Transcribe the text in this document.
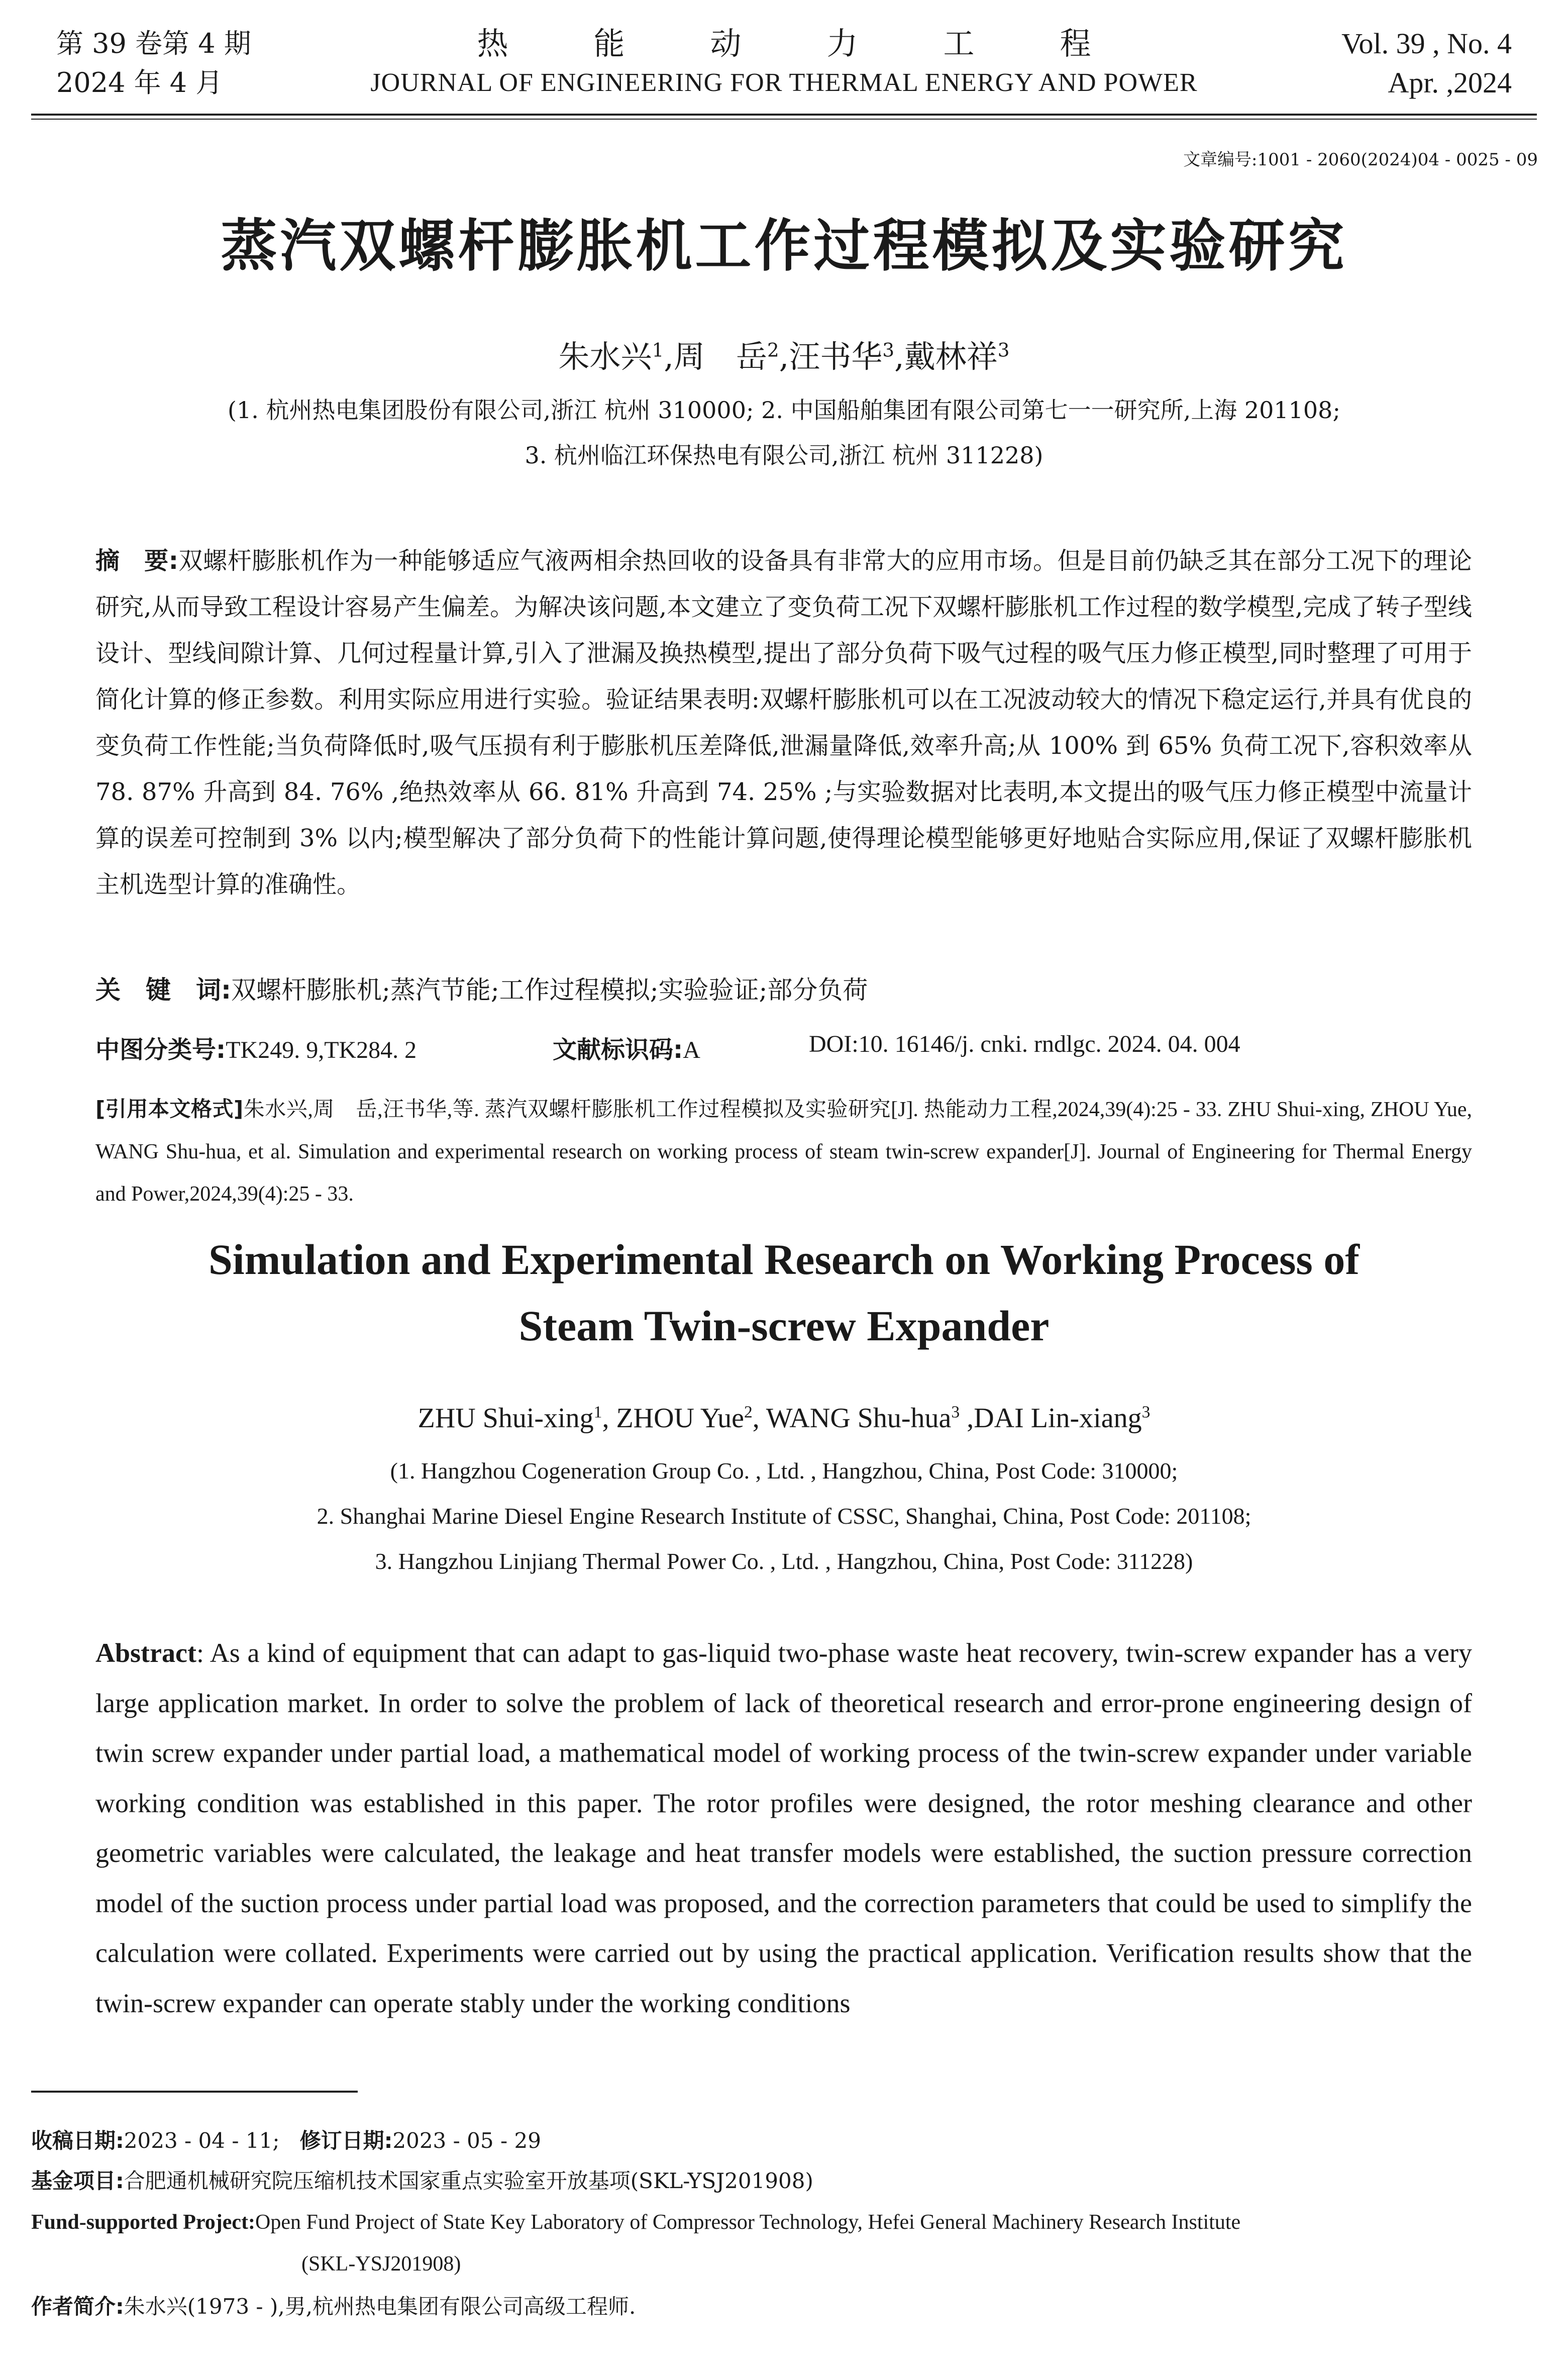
第 39 卷第 4 期
2024 年 4 月
热能动力工程
JOURNAL OF ENGINEERING FOR THERMAL ENERGY AND POWER
Vol. 39 , No. 4
Apr. ,2024
文章编号:1001 - 2060(2024)04 - 0025 - 09
蒸汽双螺杆膨胀机工作过程模拟及实验研究
朱水兴$^1$,周　岳$^2$,汪书华$^3$,戴林祥$^3$
(1. 杭州热电集团股份有限公司,浙江 杭州 310000; 2. 中国船舶集团有限公司第七一一研究所,上海 201108;
3. 杭州临江环保热电有限公司,浙江 杭州 311228)
摘　要:双螺杆膨胀机作为一种能够适应气液两相余热回收的设备具有非常大的应用市场。但是目前仍缺乏其在部分工况下的理论研究,从而导致工程设计容易产生偏差。为解决该问题,本文建立了变负荷工况下双螺杆膨胀机工作过程的数学模型,完成了转子型线设计、型线间隙计算、几何过程量计算,引入了泄漏及换热模型,提出了部分负荷下吸气过程的吸气压力修正模型,同时整理了可用于简化计算的修正参数。利用实际应用进行实验。验证结果表明:双螺杆膨胀机可以在工况波动较大的情况下稳定运行,并具有优良的变负荷工作性能;当负荷降低时,吸气压损有利于膨胀机压差降低,泄漏量降低,效率升高;从 100% 到 65% 负荷工况下,容积效率从 78. 87% 升高到 84. 76% ,绝热效率从 66. 81% 升高到 74. 25% ;与实验数据对比表明,本文提出的吸气压力修正模型中流量计算的误差可控制到 3% 以内;模型解决了部分负荷下的性能计算问题,使得理论模型能够更好地贴合实际应用,保证了双螺杆膨胀机主机选型计算的准确性。
关　键　词:双螺杆膨胀机;蒸汽节能;工作过程模拟;实验验证;部分负荷
中图分类号:TK249. 9,TK284. 2	文献标识码:A	DOI:10. 16146/j. cnki. rndlgc. 2024. 04. 004
[引用本文格式]朱水兴,周　岳,汪书华,等. 蒸汽双螺杆膨胀机工作过程模拟及实验研究[J]. 热能动力工程,2024,39(4):25 - 33. ZHU Shui-xing, ZHOU Yue, WANG Shu-hua, et al. Simulation and experimental research on working process of steam twin-screw expander[J]. Journal of Engineering for Thermal Energy and Power,2024,39(4):25 - 33.
Simulation and Experimental Research on Working Process of
Steam Twin-screw Expander
ZHU Shui-xing$^1$, ZHOU Yue$^2$, WANG Shu-hua$^3$ ,DAI Lin-xiang$^3$
(1. Hangzhou Cogeneration Group Co. , Ltd. , Hangzhou, China, Post Code: 310000;
2. Shanghai Marine Diesel Engine Research Institute of CSSC, Shanghai, China, Post Code: 201108;
3. Hangzhou Linjiang Thermal Power Co. , Ltd. , Hangzhou, China, Post Code: 311228)
Abstract: As a kind of equipment that can adapt to gas-liquid two-phase waste heat recovery, twin-screw expander has a very large application market. In order to solve the problem of lack of theoretical research and error-prone engineering design of twin screw expander under partial load, a mathematical model of working process of the twin-screw expander under variable working condition was established in this paper. The rotor profiles were designed, the rotor meshing clearance and other geometric variables were calculated, the leakage and heat transfer models were established, the suction pressure correction model of the suction process under partial load was proposed, and the correction parameters that could be used to simplify the calculation were collated. Experiments were carried out by using the practical application. Verification results show that the twin-screw expander can operate stably under the working conditions
收稿日期:2023 - 04 - 11; 修订日期:2023 - 05 - 29
基金项目:合肥通机械研究院压缩机技术国家重点实验室开放基项(SKL-YSJ201908)
Fund-supported Project:Open Fund Project of State Key Laboratory of Compressor Technology, Hefei General Machinery Research Institute
(SKL-YSJ201908)
作者简介:朱水兴(1973 - ),男,杭州热电集团有限公司高级工程师.
